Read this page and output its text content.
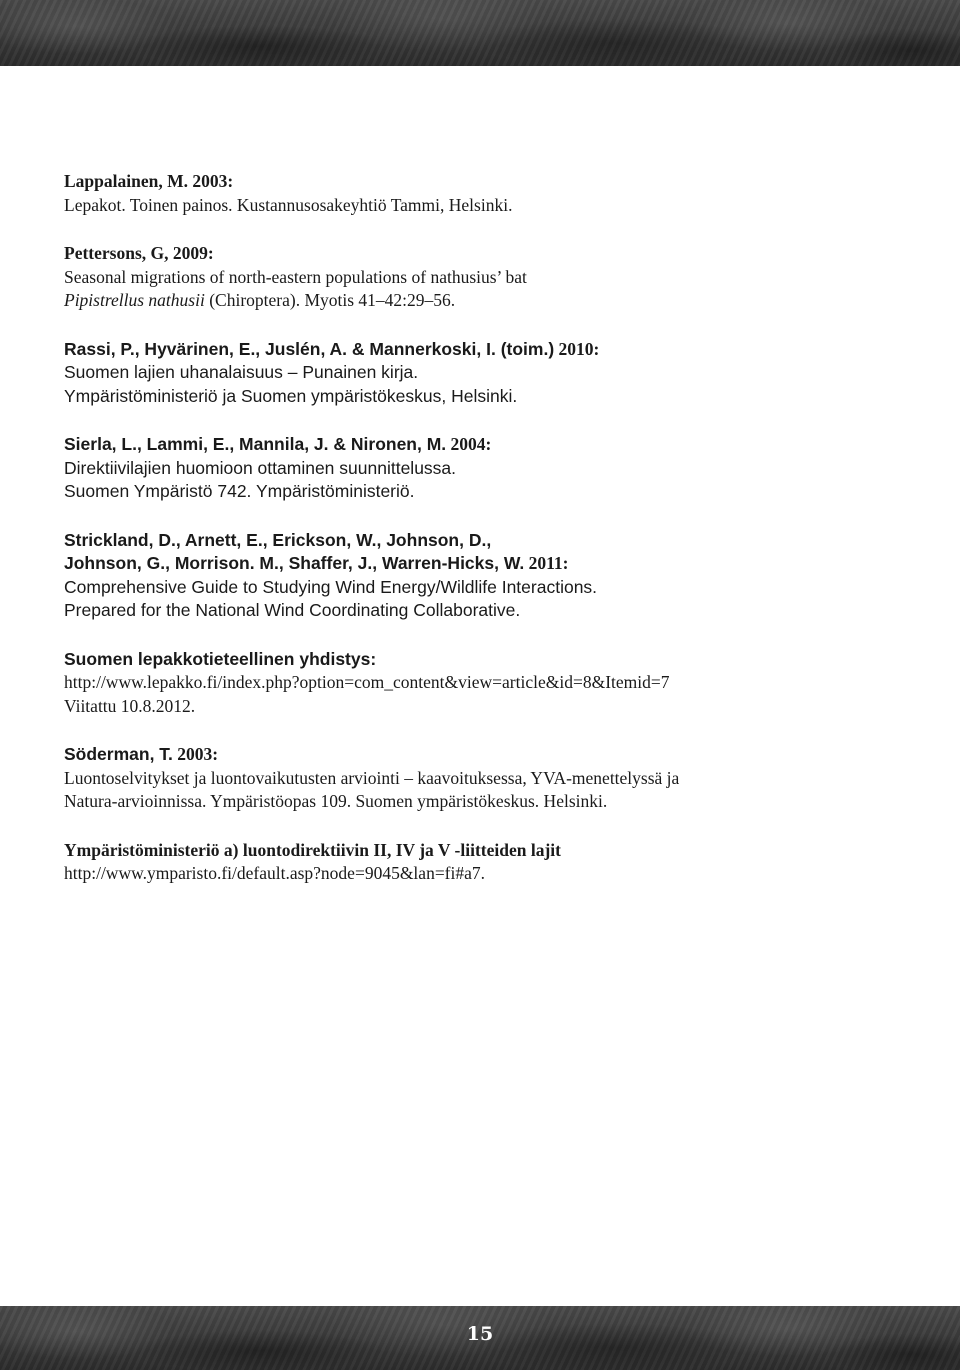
Lappalainen, M. 2003:
Lepakot. Toinen painos. Kustannusosakeyhtiö Tammi, Helsinki.
Pettersons, G, 2009:
Seasonal migrations of north-eastern populations of nathusius’ bat
Pipistrellus nathusii (Chiroptera). Myotis 41–42:29–56.
Rassi, P., Hyvärinen, E., Juslén, A. & Mannerkoski, I. (toim.) 2010:
Suomen lajien uhanalaisuus – Punainen kirja.
Ympäristöministeriö ja Suomen ympäristökeskus, Helsinki.
Sierla, L., Lammi, E., Mannila, J. & Nironen, M. 2004:
Direktiivilajien huomioon ottaminen suunnittelussa.
Suomen Ympäristö 742. Ympäristöministeriö.
Strickland, D., Arnett, E., Erickson, W., Johnson, D.,
Johnson, G., Morrison. M., Shaffer, J., Warren-Hicks, W. 2011:
Comprehensive Guide to Studying Wind Energy/Wildlife Interactions.
Prepared for the National Wind Coordinating Collaborative.
Suomen lepakkotieteellinen yhdistys:
http://www.lepakko.fi/index.php?option=com_content&view=article&id=8&Itemid=7
Viitattu 10.8.2012.
Söderman, T. 2003:
Luontoselvitykset ja luontovaikutusten arviointi – kaavoituksessa, YVA-menettelyssä ja
Natura-arvioinnissa. Ympäristöopas 109. Suomen ympäristökeskus. Helsinki.
Ympäristöministeriö a) luontodirektiivin II, IV ja V -liitteiden lajit
http://www.ymparisto.fi/default.asp?node=9045&lan=fi#a7.
15
